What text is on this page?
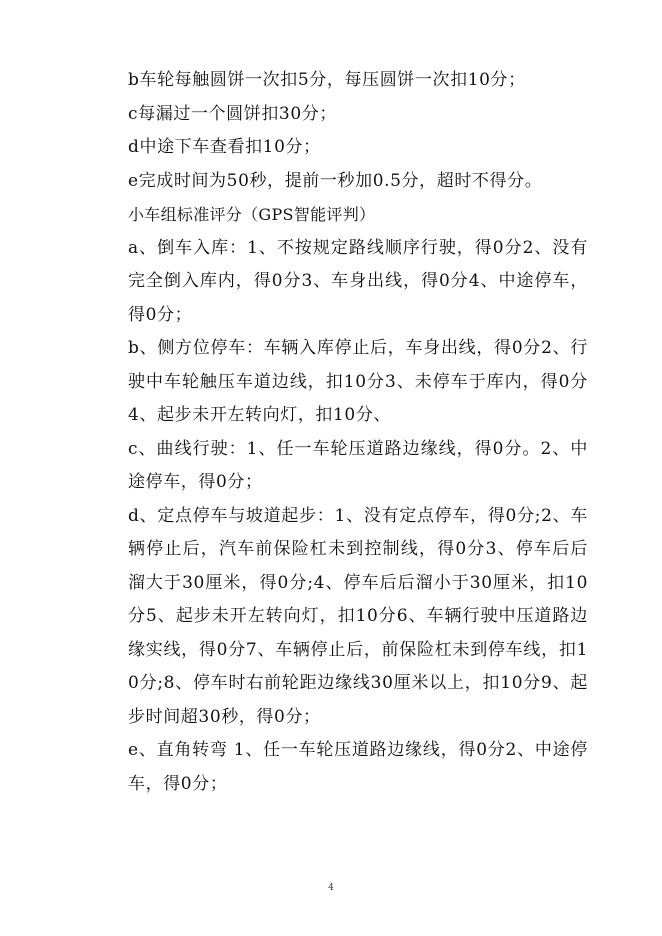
b车轮每触圆饼一次扣5分，每压圆饼一次扣10分；

c每漏过一个圆饼扣30分；

d中途下车查看扣10分；

e完成时间为50秒，提前一秒加0.5分，超时不得分。

小车组标准评分（GPS智能评判）

a、倒车入库：1、不按规定路线顺序行驶，得0分2、没有完全倒入库内，得0分3、车身出线，得0分4、中途停车，得0分；

b、侧方位停车：车辆入库停止后，车身出线，得0分2、行驶中车轮触压车道边线，扣10分3、未停车于库内，得0分4、起步未开左转向灯，扣10分、

c、曲线行驶：1、任一车轮压道路边缘线，得0分。2、中途停车，得0分；

d、定点停车与坡道起步：1、没有定点停车，得0分;2、车辆停止后，汽车前保险杠未到控制线，得0分3、停车后后溜大于30厘米，得0分;4、停车后后溜小于30厘米，扣10分5、起步未开左转向灯，扣10分6、车辆行驶中压道路边缘实线，得0分7、车辆停止后，前保险杠未到停车线，扣10分;8、停车时右前轮距边缘线30厘米以上，扣10分9、起步时间超30秒，得0分；

e、直角转弯 1、任一车轮压道路边缘线，得0分2、中途停车，得0分；

4
